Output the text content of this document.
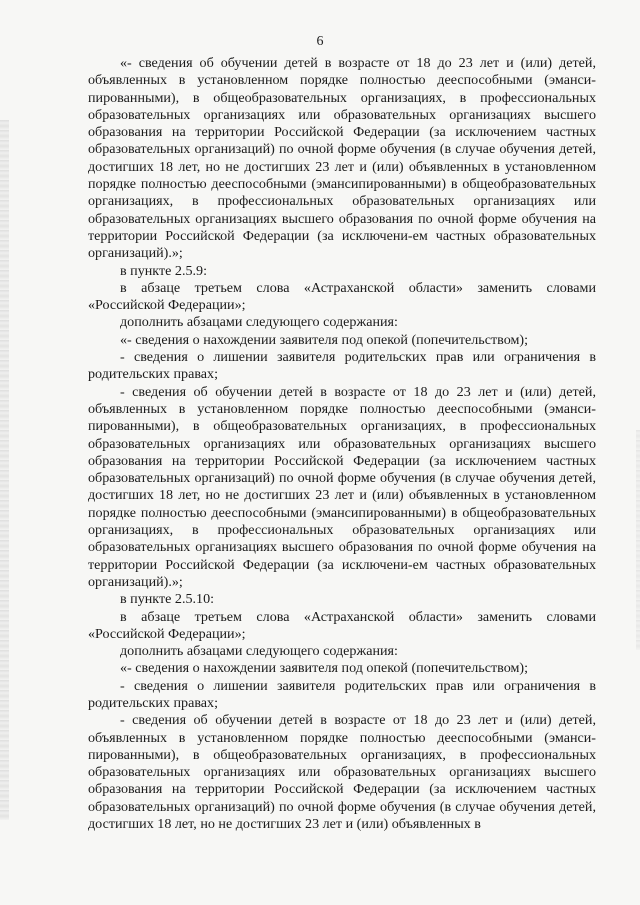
6

«- сведения об обучении детей в возрасте от 18 до 23 лет и (или) детей, объявленных в установленном порядке полностью дееспособными (эманси-пированными), в общеобразовательных организациях, в профессиональных образовательных организациях или образовательных организациях высшего образования на территории Российской Федерации (за исключением частных образовательных организаций) по очной форме обучения (в случае обучения детей, достигших 18 лет, но не достигших 23 лет и (или) объявленных в установленном порядке полностью дееспособными (эмансипированными) в общеобразовательных организациях, в профессиональных образовательных организациях или образовательных организациях высшего образования по очной форме обучения на территории Российской Федерации (за исключени-ем частных образовательных организаций).»;

в пункте 2.5.9:

в абзаце третьем слова «Астраханской области» заменить словами «Российской Федерации»;

дополнить абзацами следующего содержания:

«- сведения о нахождении заявителя под опекой (попечительством);

- сведения о лишении заявителя родительских прав или ограничения в родительских правах;

- сведения об обучении детей в возрасте от 18 до 23 лет и (или) детей, объявленных в установленном порядке полностью дееспособными (эманси-пированными), в общеобразовательных организациях, в профессиональных образовательных организациях или образовательных организациях высшего образования на территории Российской Федерации (за исключением частных образовательных организаций) по очной форме обучения (в случае обучения детей, достигших 18 лет, но не достигших 23 лет и (или) объявленных в установленном порядке полностью дееспособными (эмансипированными) в общеобразовательных организациях, в профессиональных образовательных организациях или образовательных организациях высшего образования по очной форме обучения на территории Российской Федерации (за исключени-ем частных образовательных организаций).»;

в пункте 2.5.10:

в абзаце третьем слова «Астраханской области» заменить словами «Российской Федерации»;

дополнить абзацами следующего содержания:

«- сведения о нахождении заявителя под опекой (попечительством);

- сведения о лишении заявителя родительских прав или ограничения в родительских правах;

- сведения об обучении детей в возрасте от 18 до 23 лет и (или) детей, объявленных в установленном порядке полностью дееспособными (эманси-пированными), в общеобразовательных организациях, в профессиональных образовательных организациях или образовательных организациях высшего образования на территории Российской Федерации (за исключением частных образовательных организаций) по очной форме обучения (в случае обучения детей, достигших 18 лет, но не достигших 23 лет и (или) объявленных в
